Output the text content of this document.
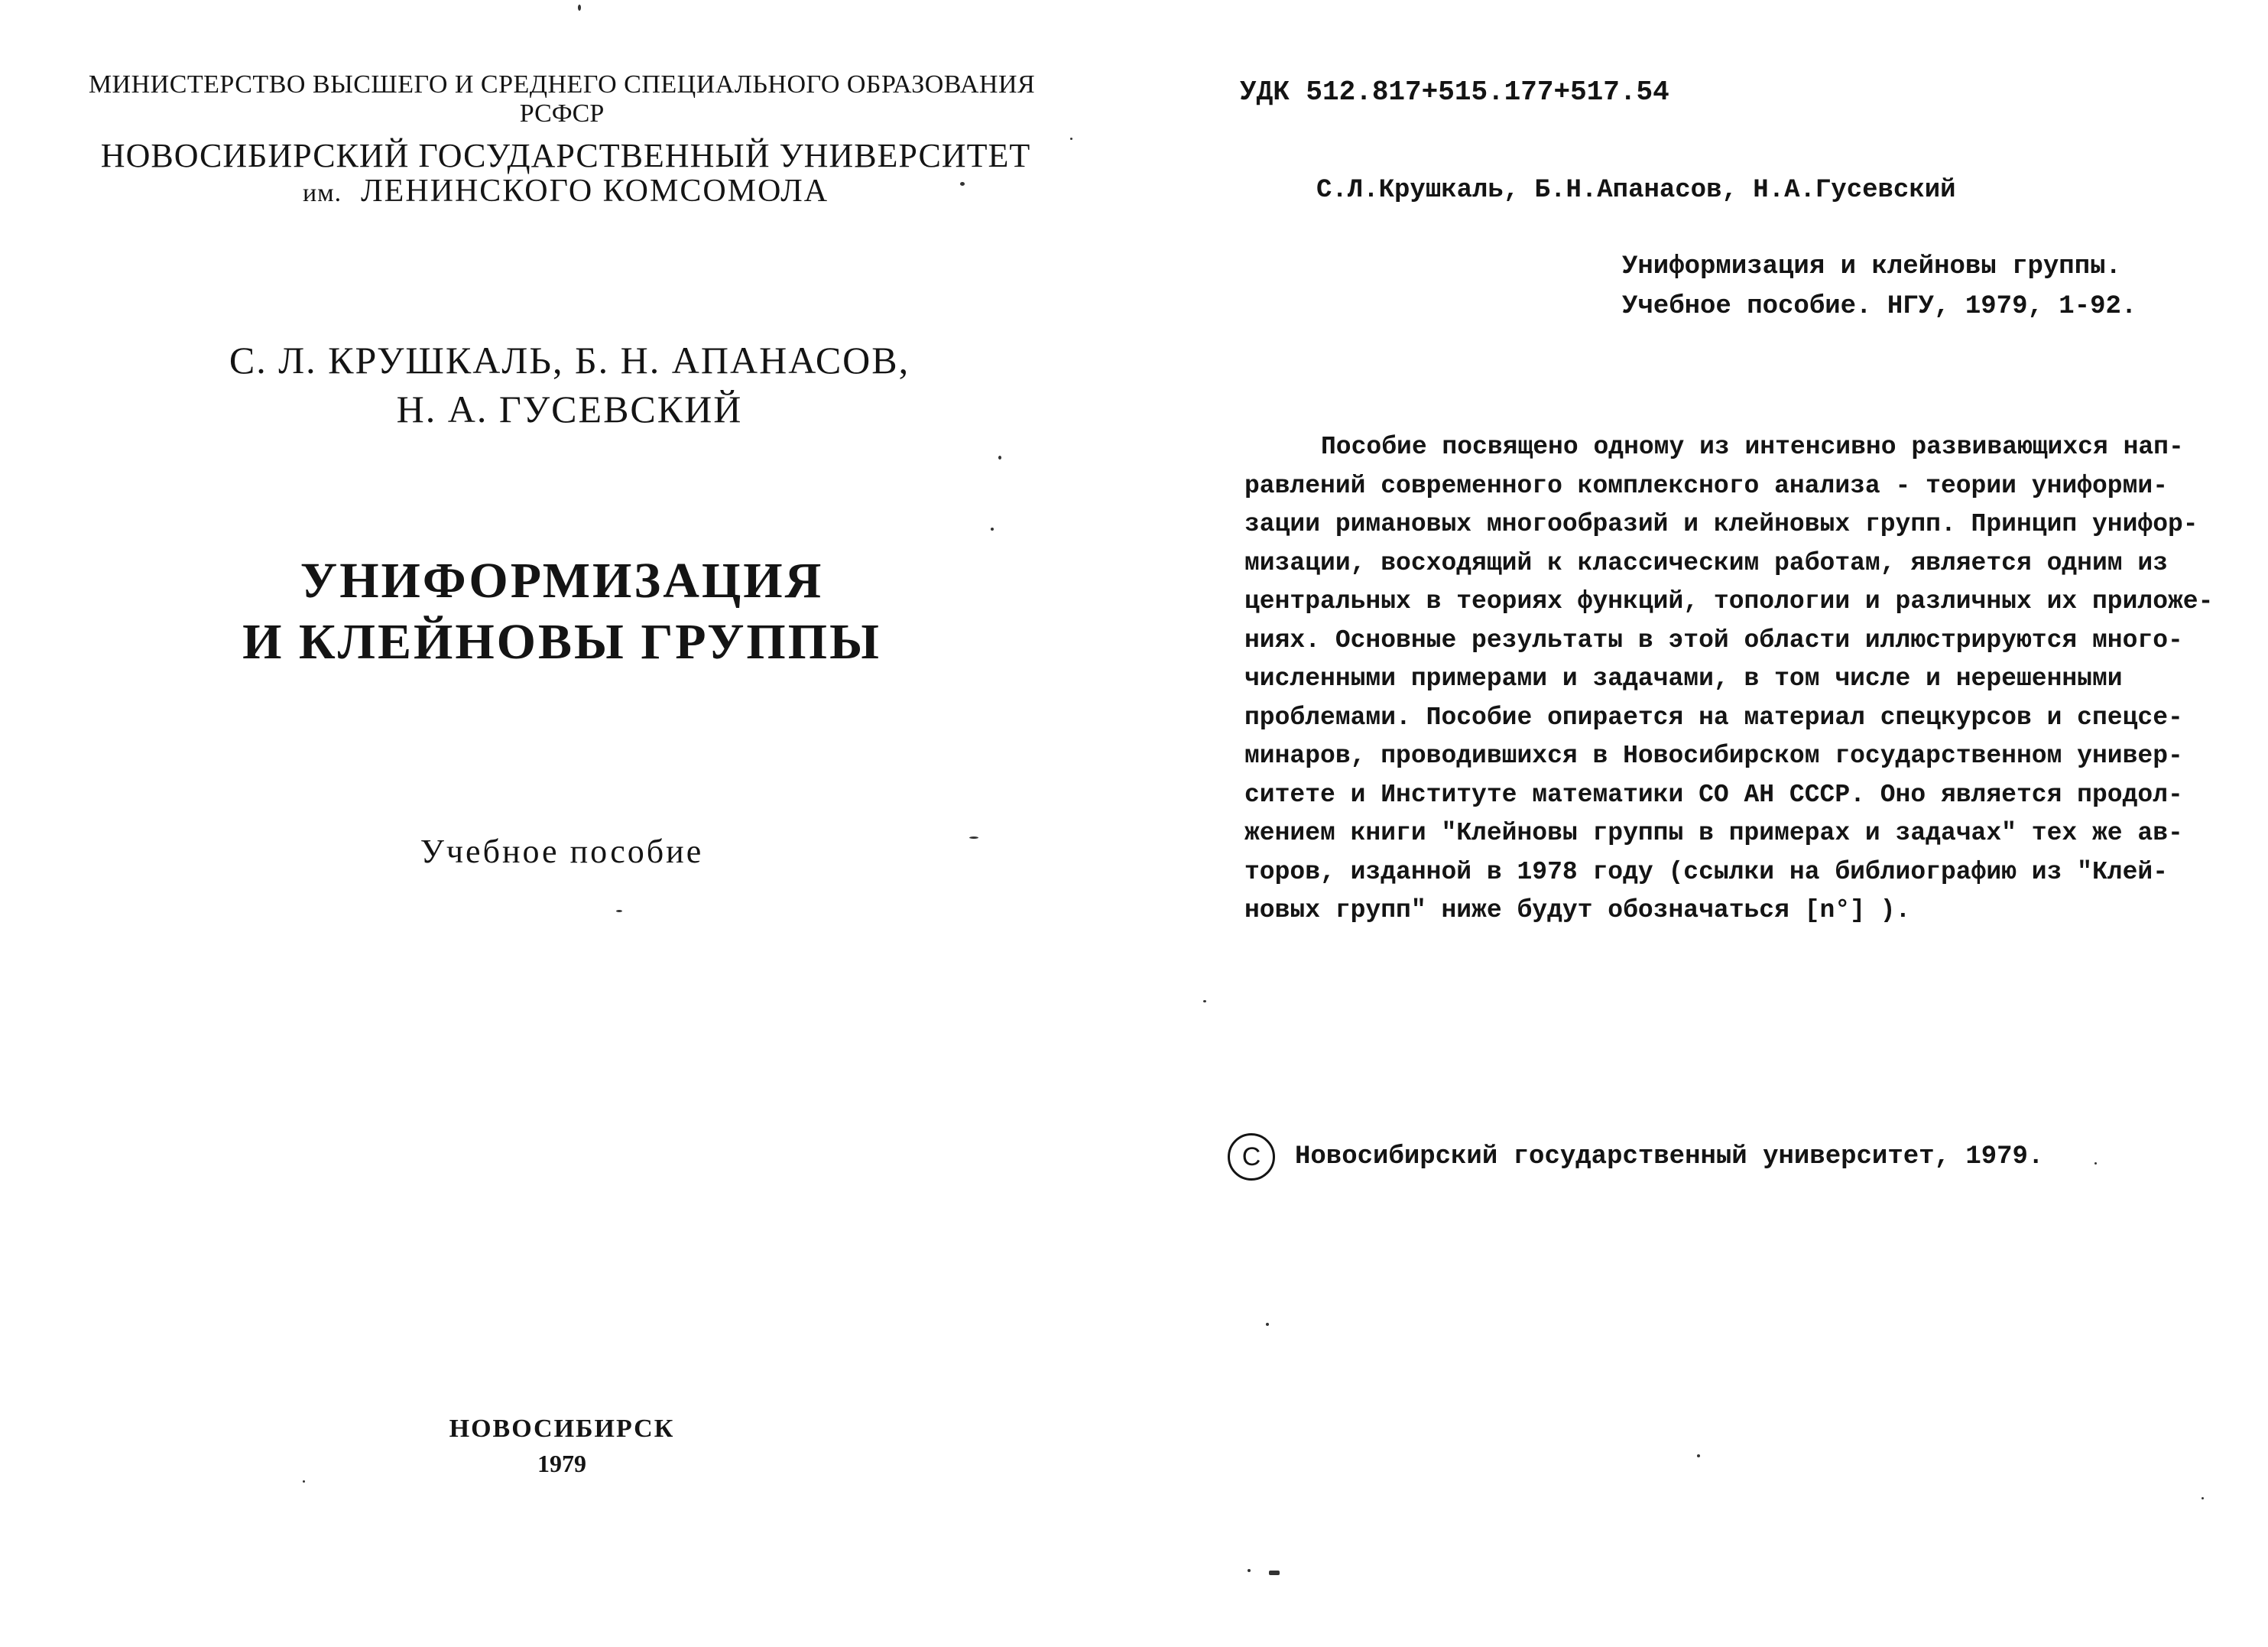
МИНИСТЕРСТВО ВЫСШЕГО И СРЕДНЕГО СПЕЦИАЛЬНОГО ОБРАЗОВАНИЯ
РСФСР
НОВОСИБИРСКИЙ ГОСУДАРСТВЕННЫЙ УНИВЕРСИТЕТ
им. ЛЕНИНСКОГО КОМСОМОЛА
С. Л. КРУШКАЛЬ, Б. Н. АПАНАСОВ,
Н. А. ГУСЕВСКИЙ
УНИФОРМИЗАЦИЯ
И КЛЕЙНОВЫ ГРУППЫ
Учебное пособие
НОВОСИБИРСК
1979
УДК 512.817+515.177+517.54
С.Л.Крушкаль, Б.Н.Апанасов, Н.А.Гусевский
Униформизация и клейновы группы.
Учебное пособие. НГУ, 1979, 1-92.
Пособие посвящено одному из интенсивно развивающихся нап-
равлений современного комплексного анализа - теории униформи-
зации римановых многообразий и клейновых групп. Принцип унифор-
мизации, восходящий к классическим работам, является одним из
центральных в теориях функций, топологии и различных их приложе-
ниях. Основные результаты в этой области иллюстрируются много-
численными примерами и задачами, в том числе и нерешенными
проблемами. Пособие опирается на материал спецкурсов и спецсе-
минаров, проводившихся в Новосибирском государственном универ-
ситете и Институте математики СО АН СССР. Оно является продол-
жением книги "Клейновы группы в примерах и задачах" тех же ав-
торов, изданной в 1978 году (ссылки на библиографию из "Клей-
новых групп" ниже будут обозначаться [n°] ).
C	Новосибирский государственный университет, 1979.
